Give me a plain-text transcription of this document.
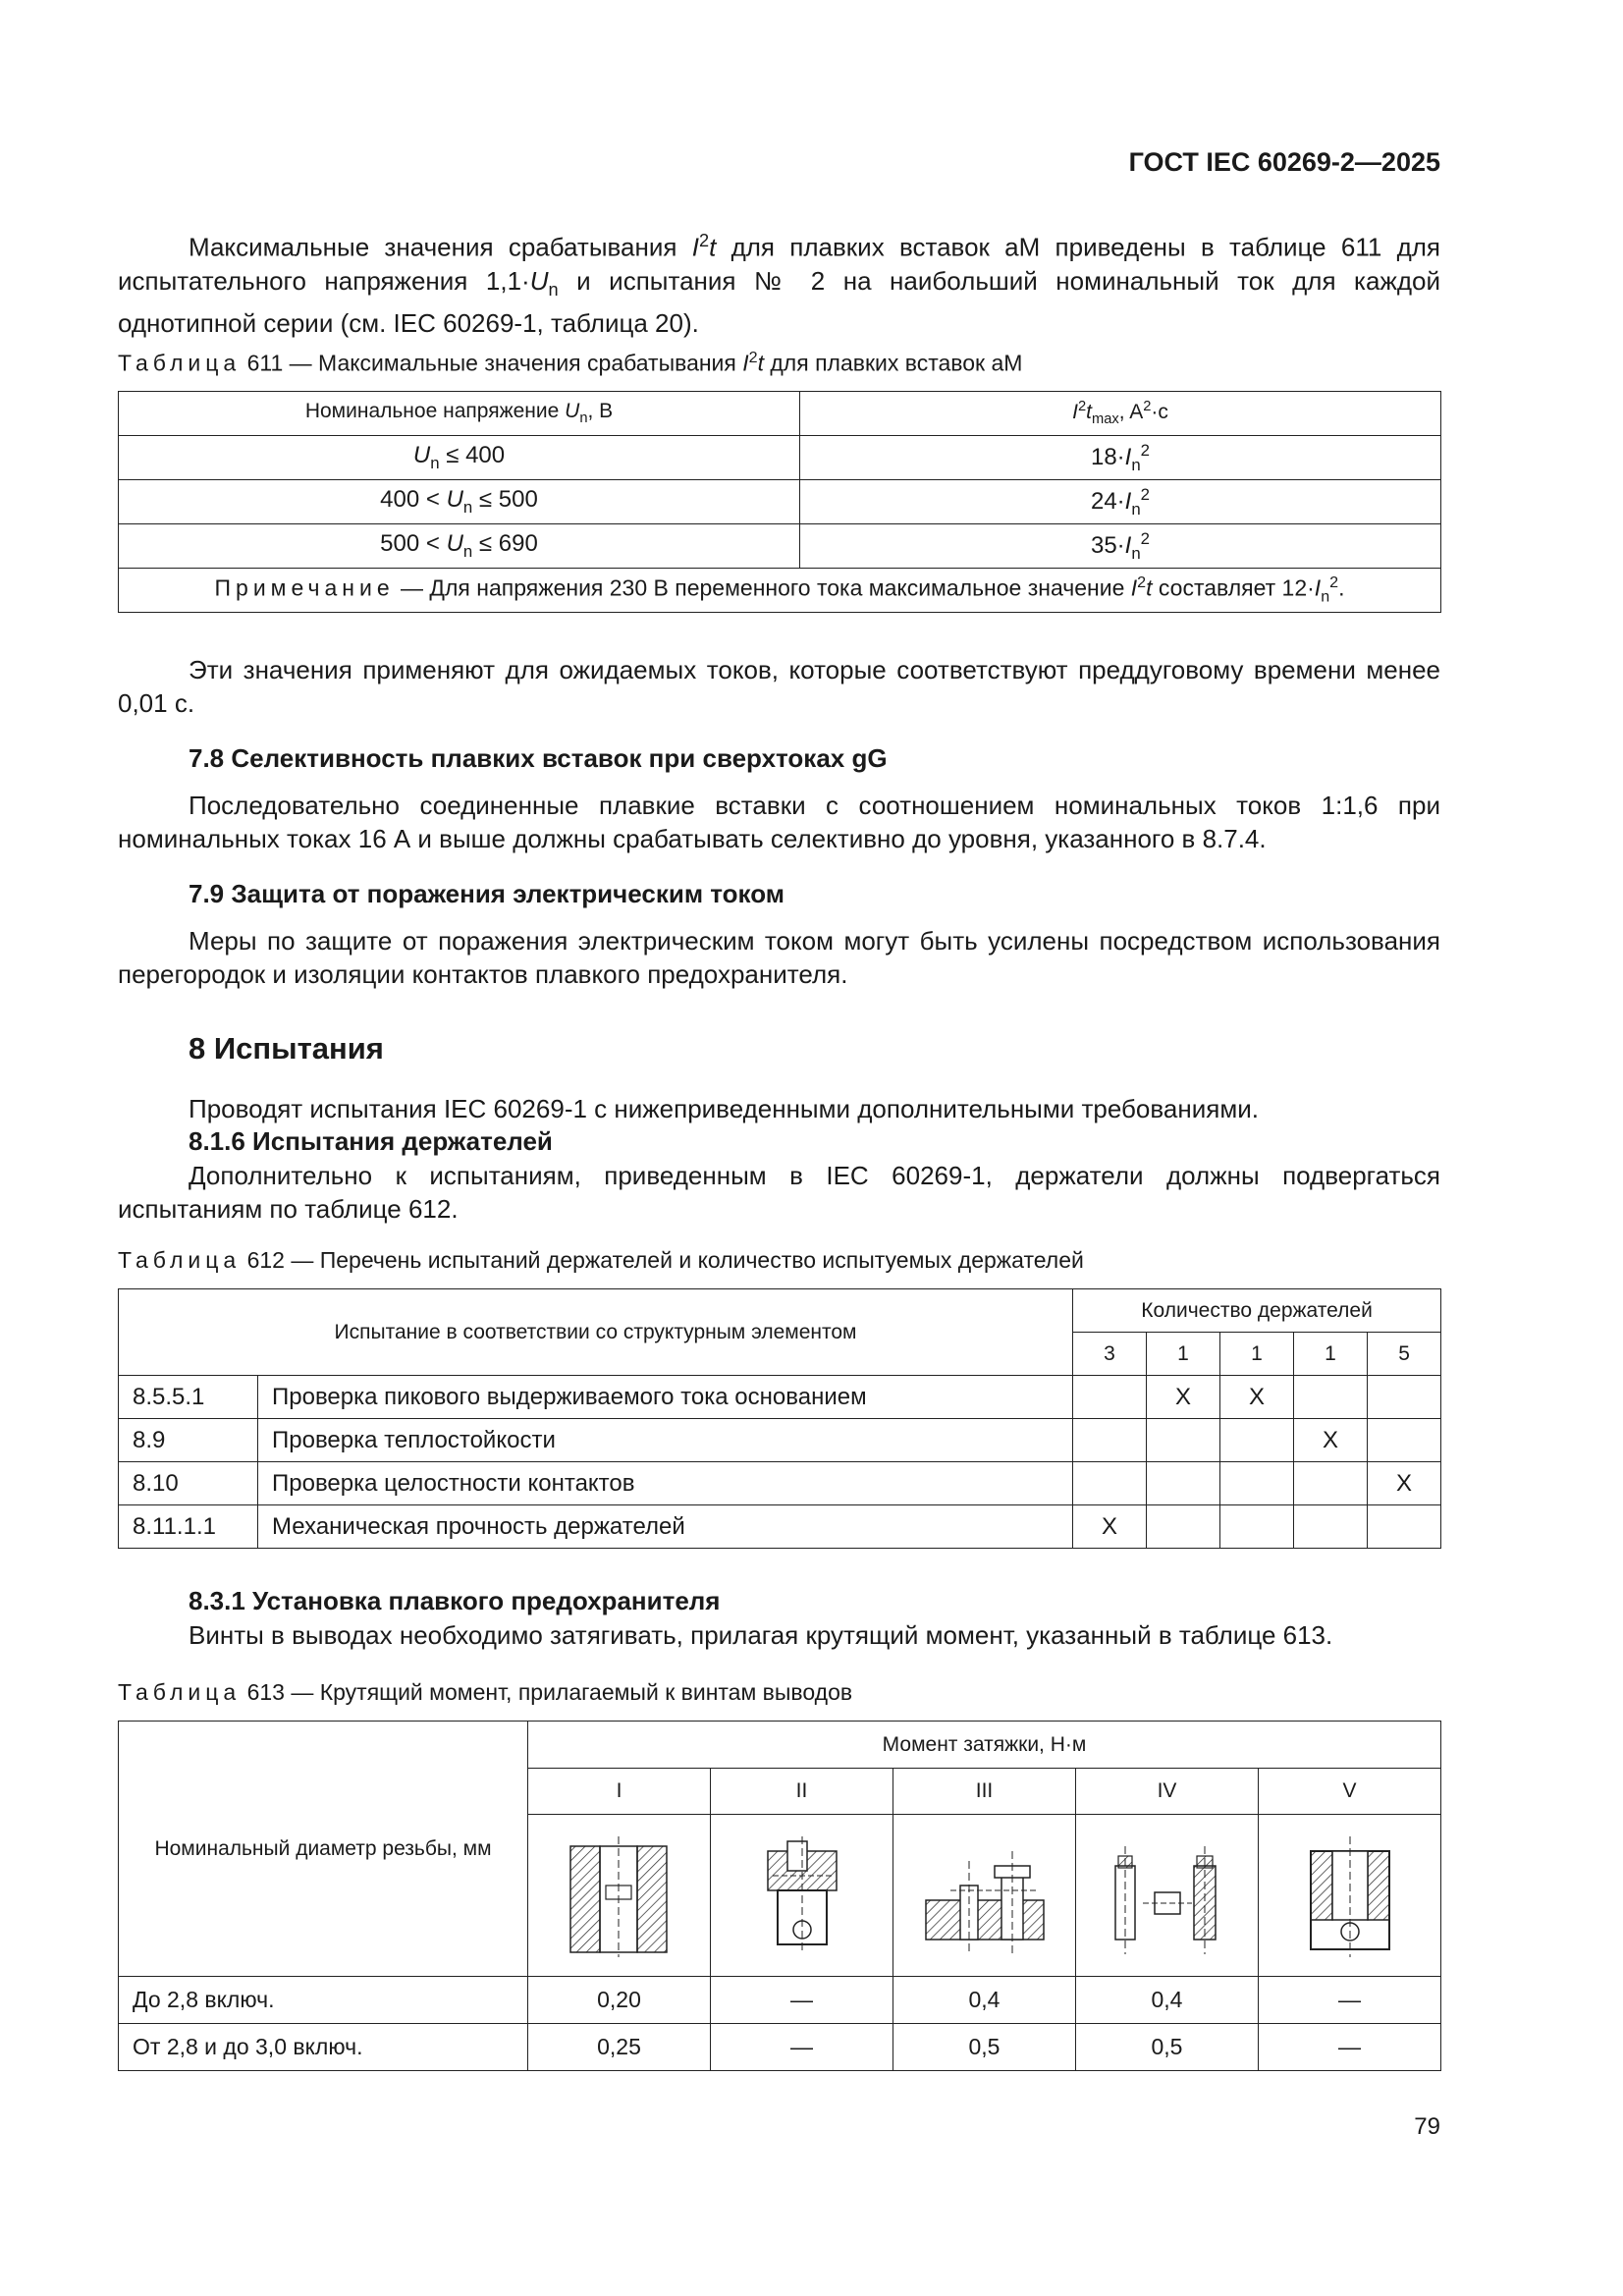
ГОСТ IEC 60269-2—2025
Максимальные значения срабатывания $I^2t$ для плавких вставок aM приведены в таблице 611 для испытательного напряжения $1,1\cdot U_n$ и испытания № 2 на наибольший номинальный ток для каждой однотипной серии (см. IEC 60269-1, таблица 20).
Таблица 611 — Максимальные значения срабатывания $I^2t$ для плавких вставок aM
Номинальное напряжение $U_n$, В	$I^2t_{max}$, $A^2\cdot с$
$U_n \le 400$	$18\cdot I_n^2$
$400 < U_n \le 500$	$24\cdot I_n^2$
$500 < U_n \le 690$	$35\cdot I_n^2$
Примечание — Для напряжения 230 В переменного тока максимальное значение $I^2t$ составляет $12\cdot I_n^2$.	
Эти значения применяют для ожидаемых токов, которые соответствуют преддуговому времени менее 0,01 с.
7.8 Селективность плавких вставок при сверхтоках gG
Последовательно соединенные плавкие вставки с соотношением номинальных токов 1:1,6 при номинальных токах 16 А и выше должны срабатывать селективно до уровня, указанного в 8.7.4.
7.9 Защита от поражения электрическим током
Меры по защите от поражения электрическим током могут быть усилены посредством использования перегородок и изоляции контактов плавкого предохранителя.
8 Испытания
Проводят испытания IEC 60269-1 с нижеприведенными дополнительными требованиями.
8.1.6 Испытания держателей
Дополнительно к испытаниям, приведенным в IEC 60269-1, держатели должны подвергаться испытаниям по таблице 612.
Таблица 612 — Перечень испытаний держателей и количество испытуемых держателей
Испытание в соответствии со структурным элементом		Количество держателей				
		3	1	1	1	5
8.5.5.1	Проверка пикового выдерживаемого тока основанием		X	X		
8.9	Проверка теплостойкости				X	
8.10	Проверка целостности контактов					X
8.11.1.1	Механическая прочность держателей	X				
8.3.1 Установка плавкого предохранителя
Винты в выводах необходимо затягивать, прилагая крутящий момент, указанный в таблице 613.
Таблица 613 — Крутящий момент, прилагаемый к винтам выводов
Номинальный диаметр резьбы, мм	Момент затяжки, Н·м				
	I	II	III	IV	V

До 2,8 включ.	0,20	—	0,4	0,4	—
От 2,8 и до 3,0 включ.	0,25	—	0,5	0,5	—
79
